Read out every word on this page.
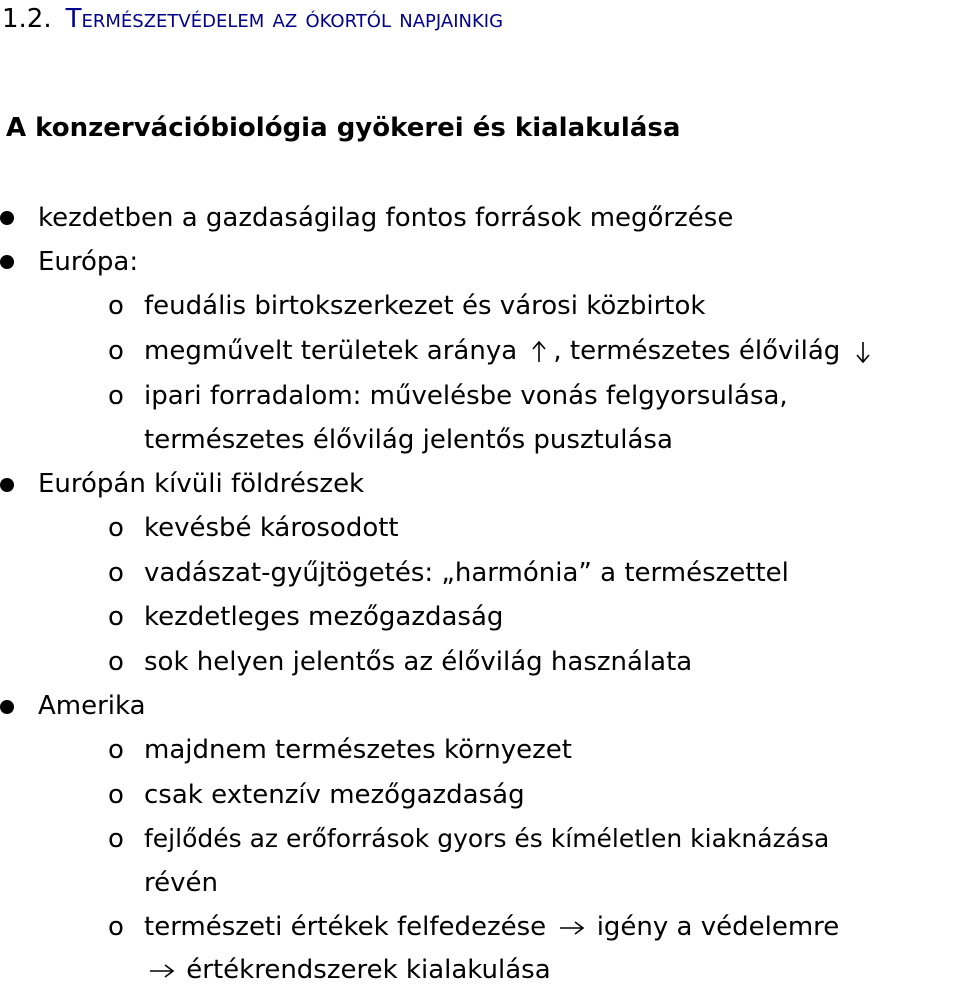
1.2. Természetvédelem az ókortól napjainkig
A konzervációbiológia gyökerei és kialakulása
kezdetben a gazdaságilag fontos források megőrzése
Európa:
o feudális birtokszerkezet és városi közbirtok
o megművelt területek aránya , természetes élővilág
o ipari forradalom: művelésbe vonás felgyorsulása,
természetes élővilág jelentős pusztulása
Európán kívüli földrészek
o kevésbé károsodott
o vadászat-gyűjtögetés: „harmónia” a természettel
o kezdetleges mezőgazdaság
o sok helyen jelentős az élővilág használata
Amerika
o majdnem természetes környezet
o csak extenzív mezőgazdaság
o fejlődés az erőforrások gyors és kíméletlen kiaknázása
révén
o természeti értékek felfedezése igény a védelemre
értékrendszerek kialakulása
